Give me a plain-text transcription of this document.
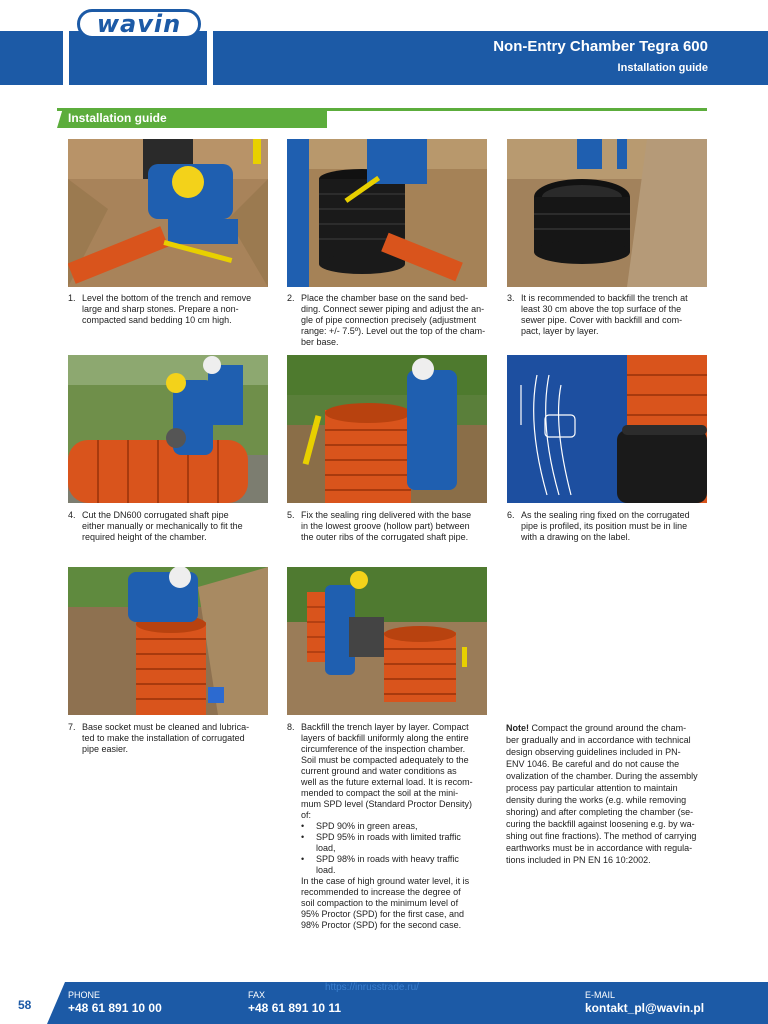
wavin
Non-Entry Chamber Tegra 600
Installation guide
Installation guide
1. Level the bottom of the trench and remove
large and sharp stones. Prepare a non-
compacted sand bedding 10 cm high.
2. Place the chamber base on the sand bed-
ding. Connect sewer piping and adjust the an-
gle of pipe connection precisely (adjustment
range: +/- 7.5º). Level out the top of the cham-
ber base.
3. It is recommended to backfill the trench at
least 30 cm above the top surface of the
sewer pipe. Cover with backfill and com-
pact, layer by layer.
4. Cut the DN600 corrugated shaft pipe
either manually or mechanically to fit the
required height of the chamber.
5. Fix the sealing ring delivered with the base
in the lowest groove (hollow part) between
the outer ribs of the corrugated shaft pipe.
6. As the sealing ring fixed on the corrugated
pipe is profiled, its position must be in line
with a drawing on the label.
7. Base socket must be cleaned and lubrica-
ted to make the installation of corrugated
pipe easier.
8. Backfill the trench layer by layer. Compact
layers of backfill uniformly along the entire
circumference of the inspection chamber.
Soil must be compacted adequately to the
current ground and water conditions as
well as the future external load. It is recom-
mended to compact the soil at the mini-
mum SPD level (Standard Proctor Density)
of:
• SPD 90% in green areas,
• SPD 95% in roads with limited traffic
load,
• SPD 98% in roads with heavy traffic
load.
In the case of high ground water level, it is
recommended to increase the degree of
soil compaction to the minimum level of
95% Proctor (SPD) for the first case, and
98% Proctor (SPD) for the second case.
Note! Compact the ground around the cham-
ber gradually and in accordance with technical
design observing guidelines included in PN-
ENV 1046. Be careful and do not cause the
ovalization of the chamber. During the assembly
process pay particular attention to maintain
density during the works (e.g. while removing
shoring) and after completing the chamber (se-
curing the backfill against loosening e.g. by wa-
shing out fine fractions). The method of carrying
earthworks must be in accordance with regula-
tions included in PN EN 16 10:2002.
58
https://inrusstrade.ru/
PHONE
+48 61 891 10 00
FAX
+48 61 891 10 11
E-MAIL
kontakt_pl@wavin.pl
